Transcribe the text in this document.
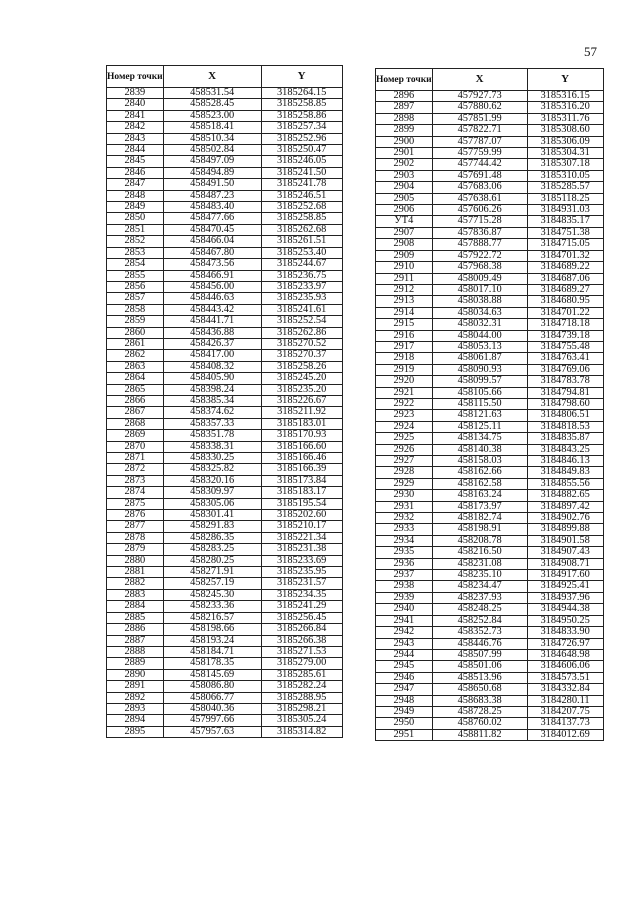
57
Номер точки	X	Y
2839	458531.54	3185264.15
2840	458528.45	3185258.85
2841	458523.00	3185258.86
2842	458518.41	3185257.34
2843	458510.34	3185252.96
2844	458502.84	3185250.47
2845	458497.09	3185246.05
2846	458494.89	3185241.50
2847	458491.50	3185241.78
2848	458487.23	3185246.51
2849	458483.40	3185252.68
2850	458477.66	3185258.85
2851	458470.45	3185262.68
2852	458466.04	3185261.51
2853	458467.80	3185253.40
2854	458473.56	3185244.67
2855	458466.91	3185236.75
2856	458456.00	3185233.97
2857	458446.63	3185235.93
2858	458443.42	3185241.61
2859	458441.71	3185252.54
2860	458436.88	3185262.86
2861	458426.37	3185270.52
2862	458417.00	3185270.37
2863	458408.32	3185258.26
2864	458405.90	3185245.20
2865	458398.24	3185235.20
2866	458385.34	3185226.67
2867	458374.62	3185211.92
2868	458357.33	3185183.01
2869	458351.78	3185170.93
2870	458338.31	3185166.60
2871	458330.25	3185166.46
2872	458325.82	3185166.39
2873	458320.16	3185173.84
2874	458309.97	3185183.17
2875	458305.06	3185195.54
2876	458301.41	3185202.60
2877	458291.83	3185210.17
2878	458286.35	3185221.34
2879	458283.25	3185231.38
2880	458280.25	3185233.69
2881	458271.91	3185235.95
2882	458257.19	3185231.57
2883	458245.30	3185234.35
2884	458233.36	3185241.29
2885	458216.57	3185256.45
2886	458198.66	3185266.84
2887	458193.24	3185266.38
2888	458184.71	3185271.53
2889	458178.35	3185279.00
2890	458145.69	3185285.61
2891	458086.80	3185282.24
2892	458066.77	3185288.95
2893	458040.36	3185298.21
2894	457997.66	3185305.24
2895	457957.63	3185314.82
Номер точки	X	Y
2896	457927.73	3185316.15
2897	457880.62	3185316.20
2898	457851.99	3185311.76
2899	457822.71	3185308.60
2900	457787.07	3185306.09
2901	457759.99	3185304.31
2902	457744.42	3185307.18
2903	457691.48	3185310.05
2904	457683.06	3185285.57
2905	457638.61	3185118.25
2906	457606.26	3184931.03
УТ4	457715.28	3184835.17
2907	457836.87	3184751.38
2908	457888.77	3184715.05
2909	457922.72	3184701.32
2910	457968.38	3184689.22
2911	458009.49	3184687.06
2912	458017.10	3184689.27
2913	458038.88	3184680.95
2914	458034.63	3184701.22
2915	458032.31	3184718.18
2916	458044.00	3184739.18
2917	458053.13	3184755.48
2918	458061.87	3184763.41
2919	458090.93	3184769.06
2920	458099.57	3184783.78
2921	458105.66	3184794.81
2922	458115.50	3184798.60
2923	458121.63	3184806.51
2924	458125.11	3184818.53
2925	458134.75	3184835.87
2926	458140.38	3184843.25
2927	458158.03	3184846.13
2928	458162.66	3184849.83
2929	458162.58	3184855.56
2930	458163.24	3184882.65
2931	458173.97	3184897.42
2932	458182.74	3184902.76
2933	458198.91	3184899.88
2934	458208.78	3184901.58
2935	458216.50	3184907.43
2936	458231.08	3184908.71
2937	458235.10	3184917.60
2938	458234.47	3184925.41
2939	458237.93	3184937.96
2940	458248.25	3184944.38
2941	458252.84	3184950.25
2942	458352.73	3184833.90
2943	458446.76	3184726.97
2944	458507.99	3184648.98
2945	458501.06	3184606.06
2946	458513.96	3184573.51
2947	458650.68	3184332.84
2948	458683.38	3184280.11
2949	458728.25	3184207.75
2950	458760.02	3184137.73
2951	458811.82	3184012.69
